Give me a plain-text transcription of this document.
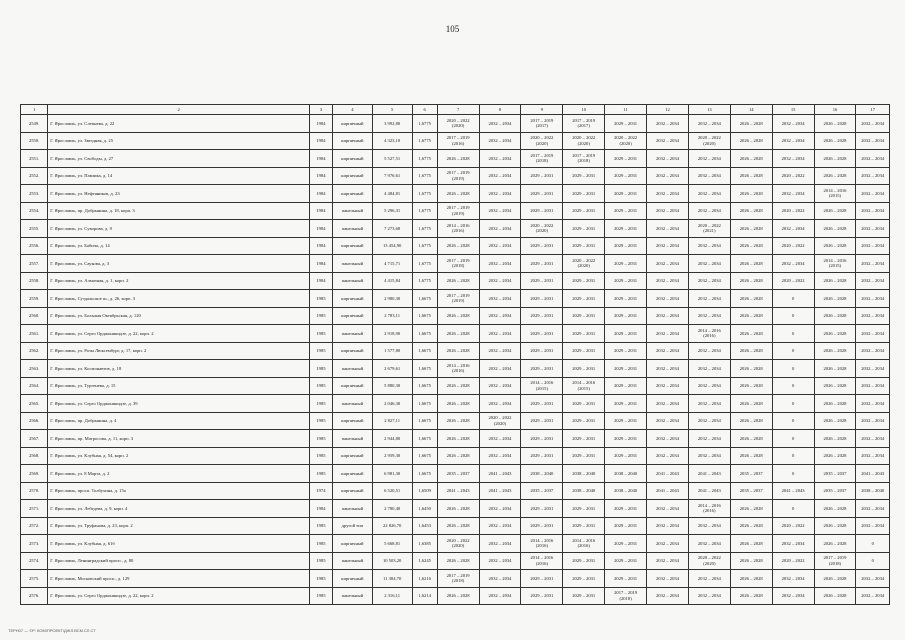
105
1	2	3	4	5	6	7	8	9	10	11	12	13	14	15	16	17
2549.	Г. Ярославль, ул. Слепнева, д. 22	1984	кирпичный	3 992,80	1,6775	2020 – 2022
(2020)	2032 – 2034	2017 – 2019
(2017)	2017 – 2019
(2017)	2029 – 2031	2032 – 2034	2032 – 2034	2026 – 2028	2032 – 2034	2026 – 2028	2032 – 2034
2550.	Г. Ярославль, ул. Звездная, д. 25	1984	кирпичный	4 323,10	1,6775	2017 – 2019
(2016)	2032 – 2034	2020 – 2022
(2020)	2020 – 2022
(2020)	2020 – 2022
(2020)	2032 – 2034	2020 – 2022
(2020)	2026 – 2028	2032 – 2034	2026 – 2028	2032 – 2034
2551.	Г. Ярославль, ул. Свободы, д. 27	1984	кирпичный	5 527,51	1,6775	2026 – 2028	2032 – 2034	2017 – 2019
(2018)	2017 – 2019
(2018)	2029 – 2031	2032 – 2034	2032 – 2034	2026 – 2028	2032 – 2034	2026 – 2028	2032 – 2034
2552.	Г. Ярославль, ул. Павлика, д. 14	1984	кирпичный	7 976,61	1,6775	2017 – 2019
(2019)	2032 – 2034	2029 – 2031	2029 – 2031	2029 – 2031	2032 – 2034	2032 – 2034	2026 – 2028	2020 – 2022	2026 – 2028	2032 – 2034
2553.	Г. Ярославль, ул. Нефтяников, д. 23	1984	кирпичный	4 484,81	1,6775	2026 – 2028	2032 – 2034	2029 – 2031	2029 – 2031	2029 – 2031	2032 – 2034	2032 – 2034	2026 – 2028	2032 – 2034	2014 – 2016
(2015)	2032 – 2034
2554.	Г. Ярославль, пр. Добрынина, д. 18, корп. 3	1984	панельный	5 296,31	1,6775	2017 – 2019
(2019)	2032 – 2034	2029 – 2031	2029 – 2031	2029 – 2031	2032 – 2034	2032 – 2034	2026 – 2028	2020 – 2022	2026 – 2028	2032 – 2034
2555.	Г. Ярославль, ул. Суворова, д. 9	1984	панельный	7 273,68	1,6775	2014 – 2016
(2016)	2032 – 2034	2020 – 2022
(2020)	2029 – 2031	2029 – 2031	2032 – 2034	2020 – 2022
(2021)	2026 – 2028	2032 – 2034	2026 – 2028	2032 – 2034
2556.	Г. Ярославль, ул. Бабича, д. 14	1984	кирпичный	13 454,90	1,6775	2026 – 2028	2032 – 2034	2029 – 2031	2029 – 2031	2029 – 2031	2032 – 2034	2032 – 2034	2026 – 2028	2020 – 2022	2026 – 2028	2032 – 2034
2557.	Г. Ярославль, ул. Саукова, д. 3	1984	панельный	4 715,71	1,6775	2017 – 2019
(2018)	2032 – 2034	2029 – 2031	2020 – 2022
(2020)	2029 – 2031	2032 – 2034	2032 – 2034	2026 – 2028	2032 – 2034	2014 – 2016
(2015)	2032 – 2034
2558.	Г. Ярославль, ул. Алмазная, д. 1, корп. 2	1984	панельный	4 415,84	1,6775	2026 – 2028	2032 – 2034	2029 – 2031	2029 – 2031	2029 – 2031	2032 – 2034	2032 – 2034	2026 – 2028	2020 – 2022	2026 – 2028	2032 – 2034
2559.	Г. Ярославль, Суздальское ш., д. 26, корп. 3	1985	кирпичный	2 980,30	1,6675	2017 – 2019
(2019)	2032 – 2034	2029 – 2031	2029 – 2031	2029 – 2031	2032 – 2034	2032 – 2034	2026 – 2028	0	2026 – 2028	2032 – 2034
2560.	Г. Ярославль, ул. Большая Октябрьская, д. 120	1985	кирпичный	2 783,11	1,6675	2026 – 2028	2032 – 2034	2029 – 2031	2029 – 2031	2029 – 2031	2032 – 2034	2032 – 2034	2026 – 2028	0	2026 – 2028	2032 – 2034
2561.	Г. Ярославль, ул. Серго Орджоникидзе, д. 22, корп. 2	1985	панельный	2 918,90	1,6675	2026 – 2028	2032 – 2034	2029 – 2031	2029 – 2031	2029 – 2031	2032 – 2034	2014 – 2016
(2016)	2026 – 2028	0	2026 – 2028	2032 – 2034
2562.	Г. Ярославль, ул. Розы Люксембург, д. 17, корп. 2	1985	кирпичный	1 577,80	1,6675	2026 – 2028	2032 – 2034	2029 – 2031	2029 – 2031	2029 – 2031	2032 – 2034	2032 – 2034	2026 – 2028	0	2026 – 2028	2032 – 2034
2563.	Г. Ярославль, ул. Космонавтов, д. 18	1985	панельный	2 679,61	1,6675	2014 – 2016
(2016)	2032 – 2034	2029 – 2031	2029 – 2031	2029 – 2031	2032 – 2034	2032 – 2034	2026 – 2028	0	2026 – 2028	2032 – 2034
2564.	Г. Ярославль, ул. Тургенева, д. 15	1985	кирпичный	5 880,30	1,6675	2026 – 2028	2032 – 2034	2014 – 2016
(2015)	2014 – 2016
(2015)	2029 – 2031	2032 – 2034	2032 – 2034	2026 – 2028	0	2026 – 2028	2032 – 2034
2565.	Г. Ярославль, ул. Серго Орджоникидзе, д. 39	1985	панельный	2 046,30	1,6675	2026 – 2028	2032 – 2034	2029 – 2031	2029 – 2031	2029 – 2031	2032 – 2034	2032 – 2034	2026 – 2028	0	2026 – 2028	2032 – 2034
2566.	Г. Ярославль, пр. Добрынина, д. 4	1985	кирпичный	2 827,11	1,6675	2026 – 2028	2020 – 2022
(2020)	2029 – 2031	2029 – 2031	2029 – 2031	2032 – 2034	2032 – 2034	2026 – 2028	0	2026 – 2028	2032 – 2034
2567.	Г. Ярославль, пр. Матросова, д. 11, корп. 3	1985	панельный	2 944,80	1,6675	2026 – 2028	2032 – 2034	2029 – 2031	2029 – 2031	2029 – 2031	2032 – 2034	2032 – 2034	2026 – 2028	0	2026 – 2028	2032 – 2034
2568.	Г. Ярославль, ул. Клубная, д. 54, корп. 2	1985	кирпичный	2 959,30	1,6675	2026 – 2028	2032 – 2034	2029 – 2031	2029 – 2031	2029 – 2031	2032 – 2034	2032 – 2034	2026 – 2028	0	2026 – 2028	2032 – 2034
2569.	Г. Ярославль, ул. 8 Марта, д. 2	1985	кирпичный	6 981,30	1,6675	2035 – 2037	2041 – 2043	2038 – 2040	2038 – 2040	2038 – 2040	2041 – 2043	2041 – 2043	2035 – 2037	0	2035 – 2037	2041 – 2043
2570.	Г. Ярославль, просп. Толбухина, д. 15а	1974	кирпичный	6 520,51	1,6509	2041 – 2043	2041 – 2043	2035 – 2037	2038 – 2040	2038 – 2040	2041 – 2043	2041 – 2043	2035 – 2037	2041 – 2043	2035 – 2037	2038 – 2040
2571.	Г. Ярославль, ул. Лебедева, д. 9, корп. 4	1984	панельный	2 780,40	1,6450	2026 – 2028	2032 – 2034	2029 – 2031	2029 – 2031	2029 – 2031	2032 – 2034	2014 – 2016
(2016)	2026 – 2028	0	2026 – 2028	2032 – 2034
2572.	Г. Ярославль, ул. Труфанова, д. 23, корп. 2	1985	другой тип	22 826,70	1,6453	2026 – 2028	2032 – 2034	2029 – 2031	2029 – 2031	2029 – 2031	2032 – 2034	2032 – 2034	2026 – 2028	2020 – 2022	2026 – 2028	2032 – 2034
2573.	Г. Ярославль, ул. Клубная, д. 61б	1985	кирпичный	5 668,81	1,6385	2020 – 2022
(2020)	2032 – 2034	2014 – 2016
(2016)	2014 – 2016
(2016)	2029 – 2031	2032 – 2034	2032 – 2034	2026 – 2028	2032 – 2034	2026 – 2028	0
2574.	Г. Ярославль, Ленинградский просп., д. 80	1985	панельный	10 503,20	1,6245	2026 – 2028	2032 – 2034	2014 – 2016
(2016)	2029 – 2031	2029 – 2031	2032 – 2034	2020 – 2022
(2020)	2026 – 2028	2020 – 2022	2017 – 2019
(2018)	0
2575.	Г. Ярославль, Московский просп., д. 129	1985	кирпичный	11 384,70	1,6216	2017 – 2019
(2018)	2032 – 2034	2029 – 2031	2029 – 2031	2029 – 2031	2032 – 2034	2032 – 2034	2026 – 2028	2032 – 2034	2026 – 2028	2032 – 2034
2576.	Г. Ярославль, ул. Серго Орджоникидзе, д. 22, корп. 2	1985	панельный	2 316,11	1,6214	2026 – 2028	2032 – 2034	2029 – 2031	2029 – 2031	2017 – 2019
(2018)	2032 – 2034	2032 – 2034	2026 – 2028	2032 – 2034	2026 – 2028	2032 – 2034
ТЕРН07 — ©Р: КОМ/ПРОЕКТ/ДЖЛ.ВСМ.СЛ.СТ
